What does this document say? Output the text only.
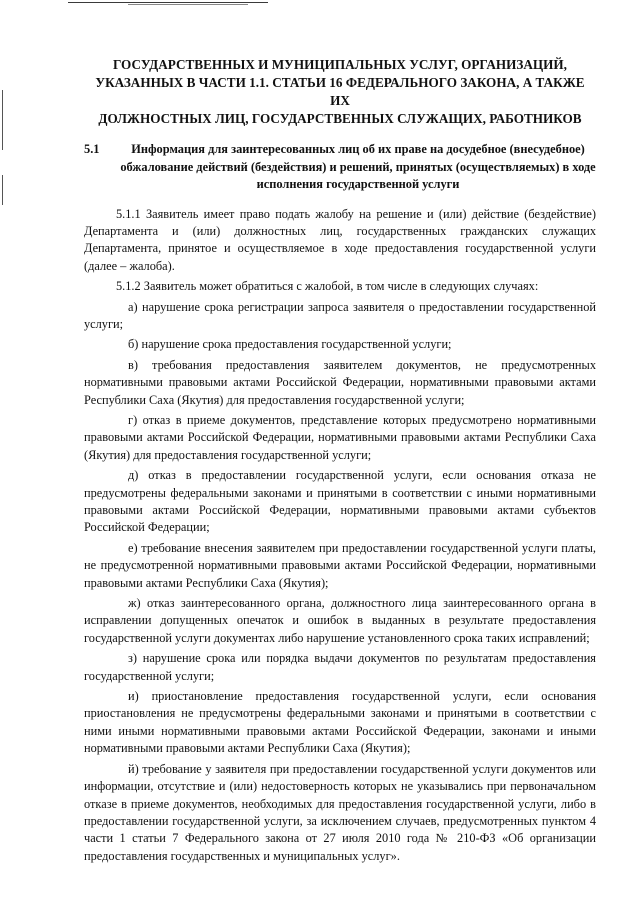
ГОСУДАРСТВЕННЫХ И МУНИЦИПАЛЬНЫХ УСЛУГ, ОРГАНИЗАЦИЙ,
УКАЗАННЫХ В ЧАСТИ 1.1. СТАТЬИ 16 ФЕДЕРАЛЬНОГО ЗАКОНА, А ТАКЖЕ ИХ
ДОЛЖНОСТНЫХ ЛИЦ, ГОСУДАРСТВЕННЫХ СЛУЖАЩИХ, РАБОТНИКОВ
5.1	Информация для заинтересованных лиц об их праве на досудебное (внесудебное) обжалование действий (бездействия) и решений, принятых (осуществляемых) в ходе исполнения государственной услуги

5.1.1 Заявитель имеет право подать жалобу на решение и (или) действие (бездействие) Департамента и (или) должностных лиц, государственных гражданских служащих Департамента, принятое и осуществляемое в ходе предоставления государственной услуги (далее – жалоба).

5.1.2 Заявитель может обратиться с жалобой, в том числе в следующих случаях:

а) нарушение срока регистрации запроса заявителя о предоставлении государственной услуги;

б) нарушение срока предоставления государственной услуги;

в) требования предоставления заявителем документов, не предусмотренных нормативными правовыми актами Российской Федерации, нормативными правовыми актами Республики Саха (Якутия) для предоставления государственной услуги;

г) отказ в приеме документов, представление которых предусмотрено нормативными правовыми актами Российской Федерации, нормативными правовыми актами Республики Саха (Якутия) для предоставления государственной услуги;

д) отказ в предоставлении государственной услуги, если основания отказа не предусмотрены федеральными законами и принятыми в соответствии с иными нормативными правовыми актами Российской Федерации, нормативными правовыми актами субъектов Российской Федерации;

е) требование внесения заявителем при предоставлении государственной услуги платы, не предусмотренной нормативными правовыми актами Российской Федерации, нормативными правовыми актами Республики Саха (Якутия);

ж) отказ заинтересованного органа, должностного лица заинтересованного органа в исправлении допущенных опечаток и ошибок в выданных в результате предоставления государственной услуги документах либо нарушение установленного срока таких исправлений;

з) нарушение срока или порядка выдачи документов по результатам предоставления государственной услуги;

и) приостановление предоставления государственной услуги, если основания приостановления не предусмотрены федеральными законами и принятыми в соответствии с ними иными нормативными правовыми актами Российской Федерации, законами и иными нормативными правовыми актами Республики Саха (Якутия);

й) требование у заявителя при предоставлении государственной услуги документов или информации, отсутствие и (или) недостоверность которых не указывались при первоначальном отказе в приеме документов, необходимых для предоставления государственной услуги, либо в предоставлении государственной услуги, за исключением случаев, предусмотренных пунктом 4 части 1 статьи 7 Федерального закона от 27 июля 2010 года № 210-ФЗ «Об организации предоставления государственных и муниципальных услуг».
